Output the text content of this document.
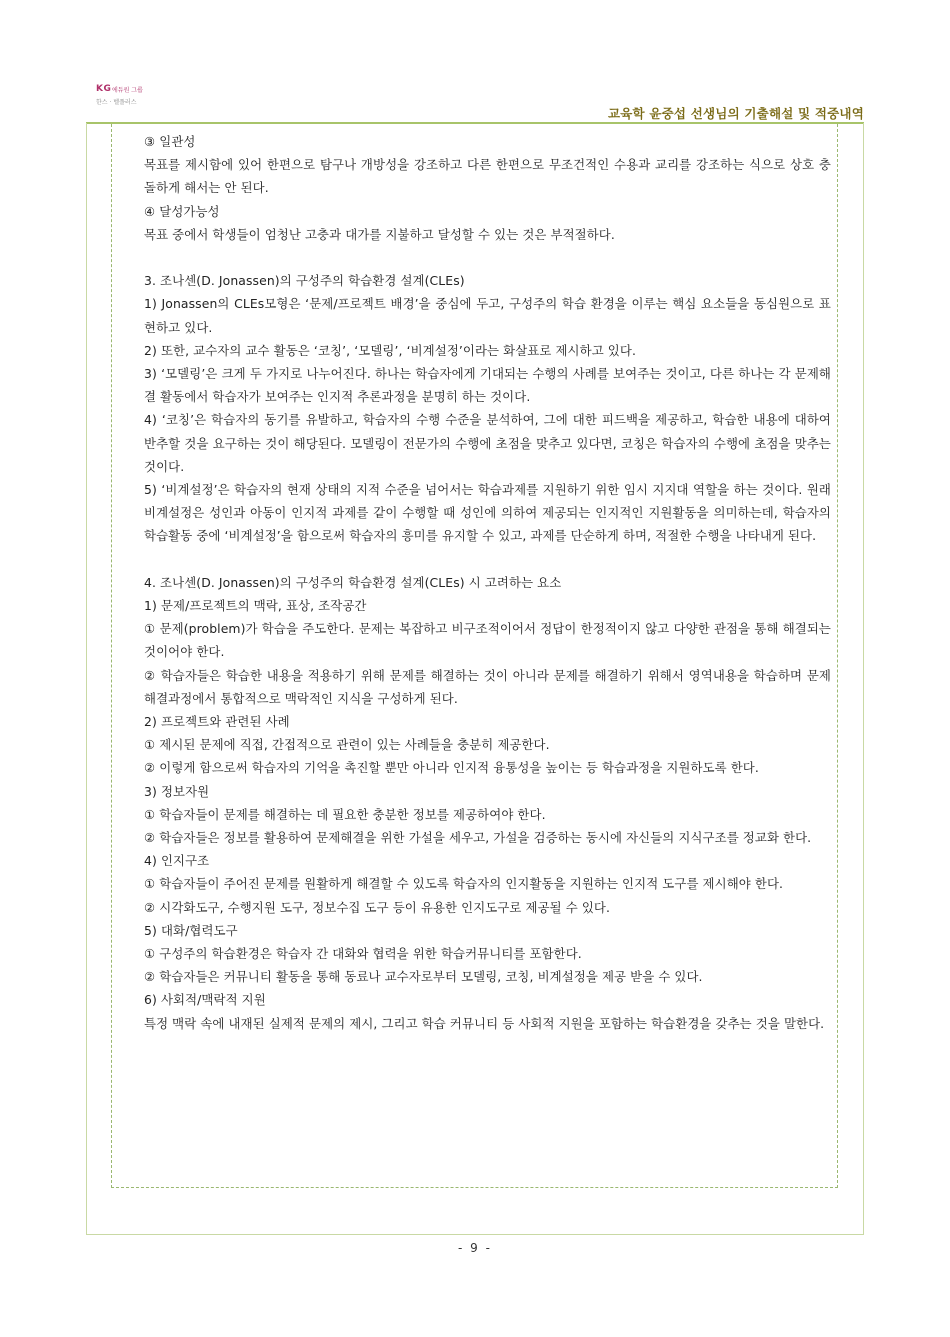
KG 에듀원 그룹
한스 · 벨플러스
교육학 윤중섭 선생님의 기출해설 및 적중내역

③ 일관성

목표를 제시함에 있어 한편으로 탐구나 개방성을 강조하고 다른 한편으로 무조건적인 수용과 교리를 강조하는 식으로 상호 충돌하게 해서는 안 된다.

④ 달성가능성

목표 중에서 학생들이 엄청난 고충과 대가를 지불하고 달성할 수 있는 것은 부적절하다.

3. 조나센(D. Jonassen)의 구성주의 학습환경 설계(CLEs)

1) Jonassen의 CLEs모형은 ‘문제/프로젝트 배경’을 중심에 두고, 구성주의 학습 환경을 이루는 핵심 요소들을 동심원으로 표현하고 있다.

2) 또한, 교수자의 교수 활동은 ‘코칭’, ‘모델링’, ‘비계설정’이라는 화살표로 제시하고 있다.

3) ‘모델링’은 크게 두 가지로 나누어진다. 하나는 학습자에게 기대되는 수행의 사례를 보여주는 것이고, 다른 하나는 각 문제해결 활동에서 학습자가 보여주는 인지적 추론과정을 분명히 하는 것이다.

4) ‘코칭’은 학습자의 동기를 유발하고, 학습자의 수행 수준을 분석하여, 그에 대한 피드백을 제공하고, 학습한 내용에 대하여 반추할 것을 요구하는 것이 해당된다. 모델링이 전문가의 수행에 초점을 맞추고 있다면, 코칭은 학습자의 수행에 초점을 맞추는 것이다.

5) ‘비계설정’은 학습자의 현재 상태의 지적 수준을 넘어서는 학습과제를 지원하기 위한 임시 지지대 역할을 하는 것이다. 원래 비계설정은 성인과 아동이 인지적 과제를 같이 수행할 때 성인에 의하여 제공되는 인지적인 지원활동을 의미하는데, 학습자의 학습활동 중에 ‘비계설정’을 함으로써 학습자의 흥미를 유지할 수 있고, 과제를 단순하게 하며, 적절한 수행을 나타내게 된다.

4. 조나센(D. Jonassen)의 구성주의 학습환경 설계(CLEs) 시 고려하는 요소

1) 문제/프로젝트의 맥락, 표상, 조작공간

① 문제(problem)가 학습을 주도한다. 문제는 복잡하고 비구조적이어서 정답이 한정적이지 않고 다양한 관점을 통해 해결되는 것이어야 한다.

② 학습자들은 학습한 내용을 적용하기 위해 문제를 해결하는 것이 아니라 문제를 해결하기 위해서 영역내용을 학습하며 문제해결과정에서 통합적으로 맥락적인 지식을 구성하게 된다.

2) 프로젝트와 관련된 사례

① 제시된 문제에 직접, 간접적으로 관련이 있는 사례들을 충분히 제공한다.

② 이렇게 함으로써 학습자의 기억을 촉진할 뿐만 아니라 인지적 융통성을 높이는 등 학습과정을 지원하도록 한다.

3) 정보자원

① 학습자들이 문제를 해결하는 데 필요한 충분한 정보를 제공하여야 한다.

② 학습자들은 정보를 활용하여 문제해결을 위한 가설을 세우고, 가설을 검증하는 동시에 자신들의 지식구조를 정교화 한다.

4) 인지구조

① 학습자들이 주어진 문제를 원활하게 해결할 수 있도록 학습자의 인지활동을 지원하는 인지적 도구를 제시해야 한다.

② 시각화도구, 수행지원 도구, 정보수집 도구 등이 유용한 인지도구로 제공될 수 있다.

5) 대화/협력도구

① 구성주의 학습환경은 학습자 간 대화와 협력을 위한 학습커뮤니티를 포함한다.

② 학습자들은 커뮤니티 활동을 통해 동료나 교수자로부터 모델링, 코칭, 비계설정을 제공 받을 수 있다.

6) 사회적/맥락적 지원

특정 맥락 속에 내재된 실제적 문제의 제시, 그리고 학습 커뮤니티 등 사회적 지원을 포함하는 학습환경을 갖추는 것을 말한다.

- 9 -
